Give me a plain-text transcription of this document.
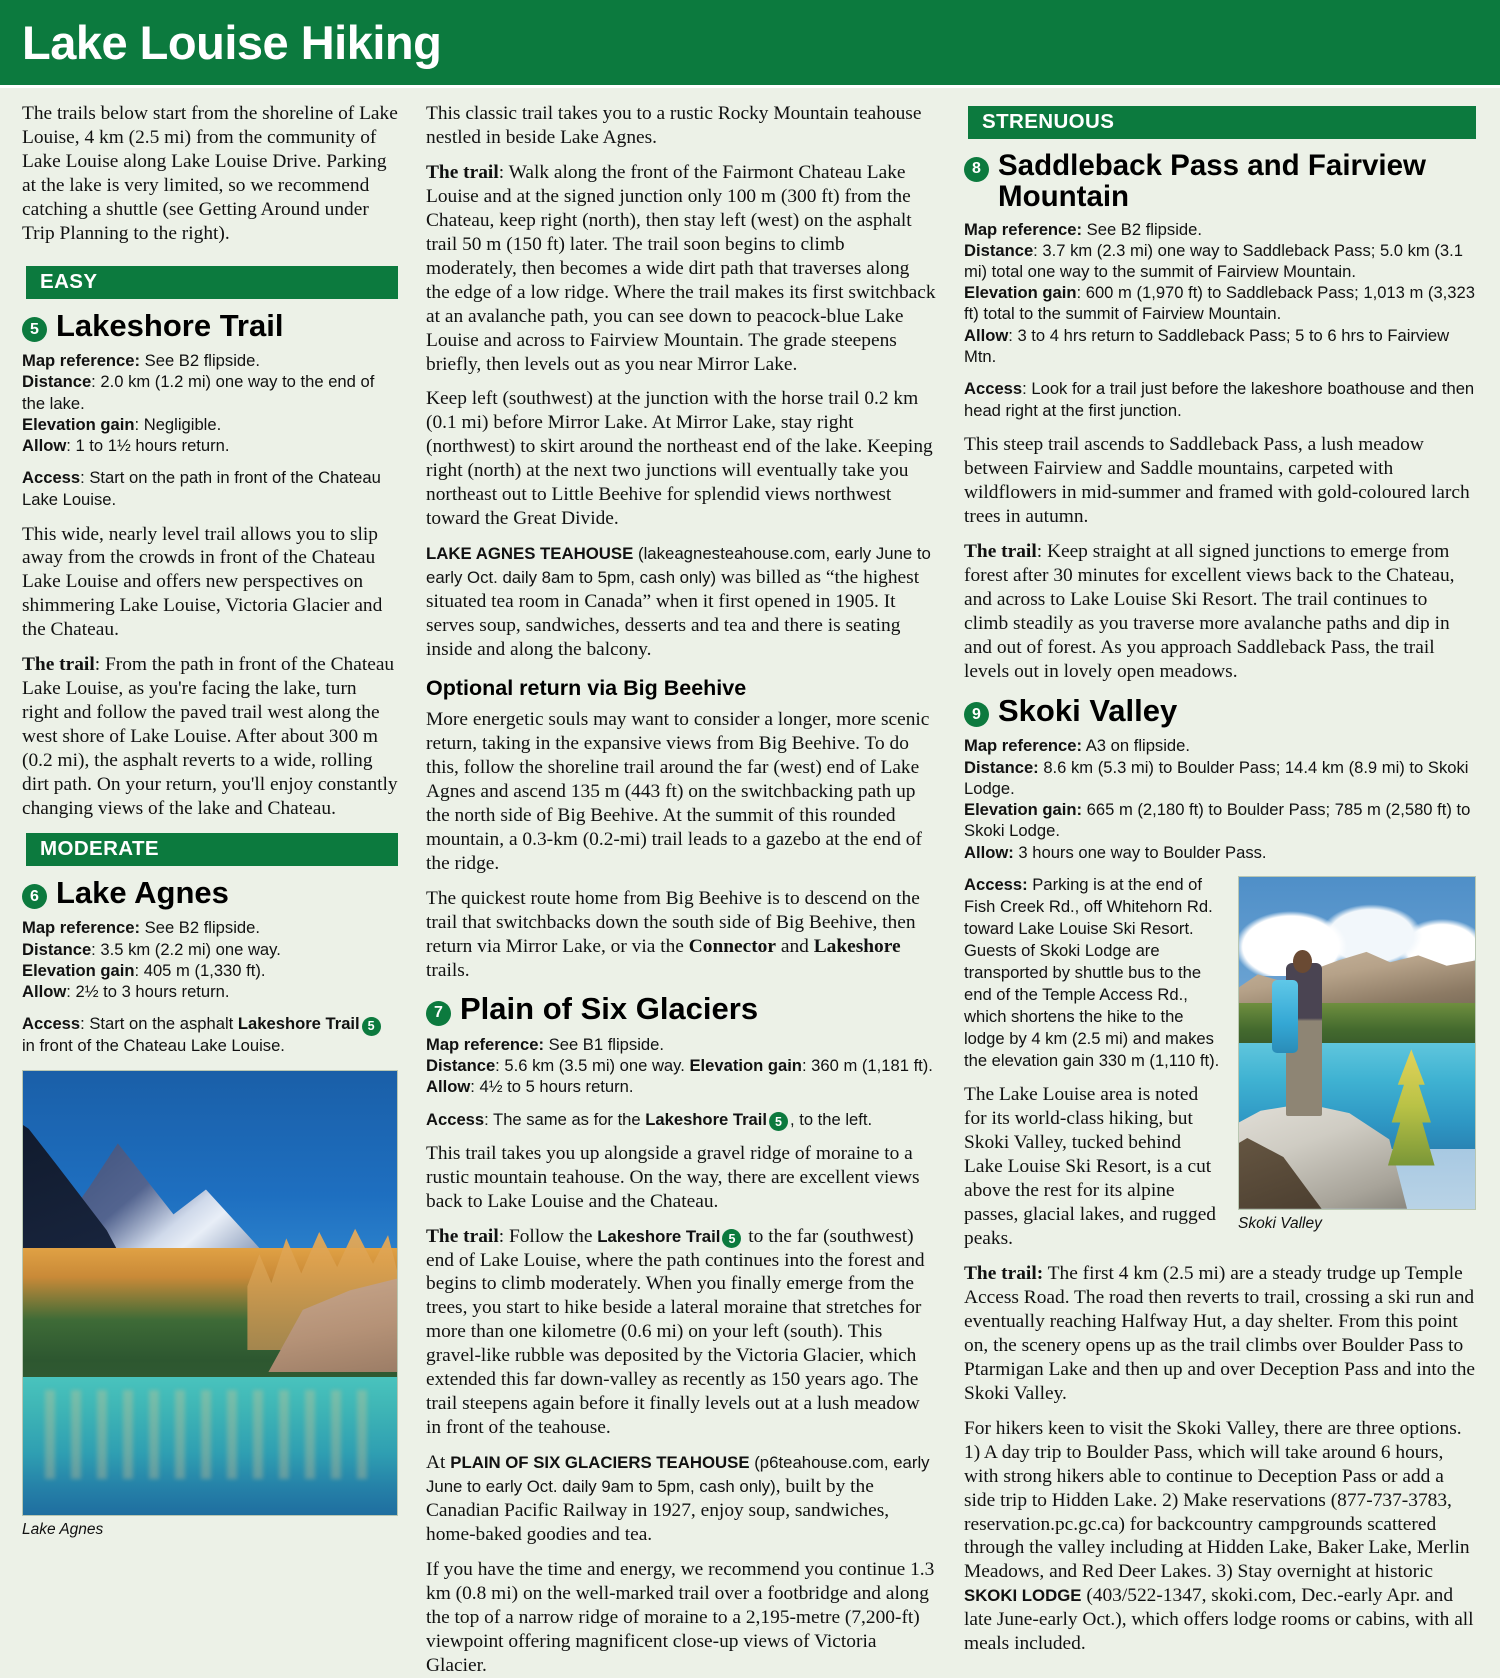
Lake Louise Hiking

The trails below start from the shoreline of Lake Louise, 4 km (2.5 mi) from the community of Lake Louise along Lake Louise Drive. Parking at the lake is very limited, so we recommend catching a shuttle (see Getting Around under Trip Planning to the right).

EASY
5 Lakeshore Trail
Map reference: See B2 flipside.
Distance: 2.0 km (1.2 mi) one way to the end of the lake.
Elevation gain: Negligible.
Allow: 1 to 1½ hours return.
Access: Start on the path in front of the Chateau Lake Louise.

This wide, nearly level trail allows you to slip away from the crowds in front of the Chateau Lake Louise and offers new perspectives on shimmering Lake Louise, Victoria Glacier and the Chateau.

The trail: From the path in front of the Chateau Lake Louise, as you're facing the lake, turn right and follow the paved trail west along the west shore of Lake Louise. After about 300 m (0.2 mi), the asphalt reverts to a wide, rolling dirt path. On your return, you'll enjoy constantly changing views of the lake and Chateau.

MODERATE
6 Lake Agnes
Map reference: See B2 flipside.
Distance: 3.5 km (2.2 mi) one way.
Elevation gain: 405 m (1,330 ft).
Allow: 2½ to 3 hours return.
Access: Start on the asphalt Lakeshore Trail 5 in front of the Chateau Lake Louise.
Lake Agnes

This classic trail takes you to a rustic Rocky Mountain teahouse nestled in beside Lake Agnes.

The trail: Walk along the front of the Fairmont Chateau Lake Louise and at the signed junction only 100 m (300 ft) from the Chateau, keep right (north), then stay left (west) on the asphalt trail 50 m (150 ft) later. The trail soon begins to climb moderately, then becomes a wide dirt path that traverses along the edge of a low ridge. Where the trail makes its first switchback at an avalanche path, you can see down to peacock-blue Lake Louise and across to Fairview Mountain. The grade steepens briefly, then levels out as you near Mirror Lake.

Keep left (southwest) at the junction with the horse trail 0.2 km (0.1 mi) before Mirror Lake. At Mirror Lake, stay right (northwest) to skirt around the northeast end of the lake. Keeping right (north) at the next two junctions will eventually take you northeast out to Little Beehive for splendid views northwest toward the Great Divide.

LAKE AGNES TEAHOUSE (lakeagnesteahouse.com, early June to early Oct. daily 8am to 5pm, cash only) was billed as “the highest situated tea room in Canada” when it first opened in 1905. It serves soup, sandwiches, desserts and tea and there is seating inside and along the balcony.

Optional return via Big Beehive

More energetic souls may want to consider a longer, more scenic return, taking in the expansive views from Big Beehive. To do this, follow the shoreline trail around the far (west) end of Lake Agnes and ascend 135 m (443 ft) on the switchbacking path up the north side of Big Beehive. At the summit of this rounded mountain, a 0.3-km (0.2-mi) trail leads to a gazebo at the end of the ridge.

The quickest route home from Big Beehive is to descend on the trail that switchbacks down the south side of Big Beehive, then return via Mirror Lake, or via the Connector and Lakeshore trails.

7 Plain of Six Glaciers
Map reference: See B1 flipside.
Distance: 5.6 km (3.5 mi) one way. Elevation gain: 360 m (1,181 ft).
Allow: 4½ to 5 hours return.
Access: The same as for the Lakeshore Trail 5 , to the left.

This trail takes you up alongside a gravel ridge of moraine to a rustic mountain teahouse. On the way, there are excellent views back to Lake Louise and the Chateau.

The trail: Follow the Lakeshore Trail 5 to the far (southwest) end of Lake Louise, where the path continues into the forest and begins to climb moderately. When you finally emerge from the trees, you start to hike beside a lateral moraine that stretches for more than one kilometre (0.6 mi) on your left (south). This gravel-like rubble was deposited by the Victoria Glacier, which extended this far down-valley as recently as 150 years ago. The trail steepens again before it finally levels out at a lush meadow in front of the teahouse.

At PLAIN OF SIX GLACIERS TEAHOUSE (p6teahouse.com, early June to early Oct. daily 9am to 5pm, cash only), built by the Canadian Pacific Railway in 1927, enjoy soup, sandwiches, home-baked goodies and tea.

If you have the time and energy, we recommend you continue 1.3 km (0.8 mi) on the well-marked trail over a footbridge and along the top of a narrow ridge of moraine to a 2,195-metre (7,200-ft) viewpoint offering magnificent close-up views of Victoria Glacier.

STRENUOUS
8 Saddleback Pass and Fairview Mountain
Map reference: See B2 flipside.
Distance: 3.7 km (2.3 mi) one way to Saddleback Pass; 5.0 km (3.1 mi) total one way to the summit of Fairview Mountain.
Elevation gain: 600 m (1,970 ft) to Saddleback Pass; 1,013 m (3,323 ft) total to the summit of Fairview Mountain.
Allow: 3 to 4 hrs return to Saddleback Pass; 5 to 6 hrs to Fairview Mtn.
Access: Look for a trail just before the lakeshore boathouse and then head right at the first junction.

This steep trail ascends to Saddleback Pass, a lush meadow between Fairview and Saddle mountains, carpeted with wildflowers in mid-summer and framed with gold-coloured larch trees in autumn.

The trail: Keep straight at all signed junctions to emerge from forest after 30 minutes for excellent views back to the Chateau, and across to Lake Louise Ski Resort. The trail continues to climb steadily as you traverse more avalanche paths and dip in and out of forest. As you approach Saddleback Pass, the trail levels out in lovely open meadows.

9 Skoki Valley
Map reference: A3 on flipside.
Distance: 8.6 km (5.3 mi) to Boulder Pass; 14.4 km (8.9 mi) to Skoki Lodge.
Elevation gain: 665 m (2,180 ft) to Boulder Pass; 785 m (2,580 ft) to Skoki Lodge.
Allow: 3 hours one way to Boulder Pass.
Skoki Valley
Access: Parking is at the end of Fish Creek Rd., off Whitehorn Rd. toward Lake Louise Ski Resort. Guests of Skoki Lodge are transported by shuttle bus to the end of the Temple Access Rd., which shortens the hike to the lodge by 4 km (2.5 mi) and makes the elevation gain 330 m (1,110 ft).

The Lake Louise area is noted for its world-class hiking, but Skoki Valley, tucked behind Lake Louise Ski Resort, is a cut above the rest for its alpine passes, glacial lakes, and rugged peaks.

The trail: The first 4 km (2.5 mi) are a steady trudge up Temple Access Road. The road then reverts to trail, crossing a ski run and eventually reaching Halfway Hut, a day shelter. From this point on, the scenery opens up as the trail climbs over Boulder Pass to Ptarmigan Lake and then up and over Deception Pass and into the Skoki Valley.

For hikers keen to visit the Skoki Valley, there are three options. 1) A day trip to Boulder Pass, which will take around 6 hours, with strong hikers able to continue to Deception Pass or add a side trip to Hidden Lake. 2) Make reservations (877-737-3783, reservation.pc.gc.ca) for backcountry campgrounds scattered through the valley including at Hidden Lake, Baker Lake, Merlin Meadows, and Red Deer Lakes. 3) Stay overnight at historic SKOKI LODGE (403/522-1347, skoki.com, Dec.-early Apr. and late June-early Oct.), which offers lodge rooms or cabins, with all meals included.
